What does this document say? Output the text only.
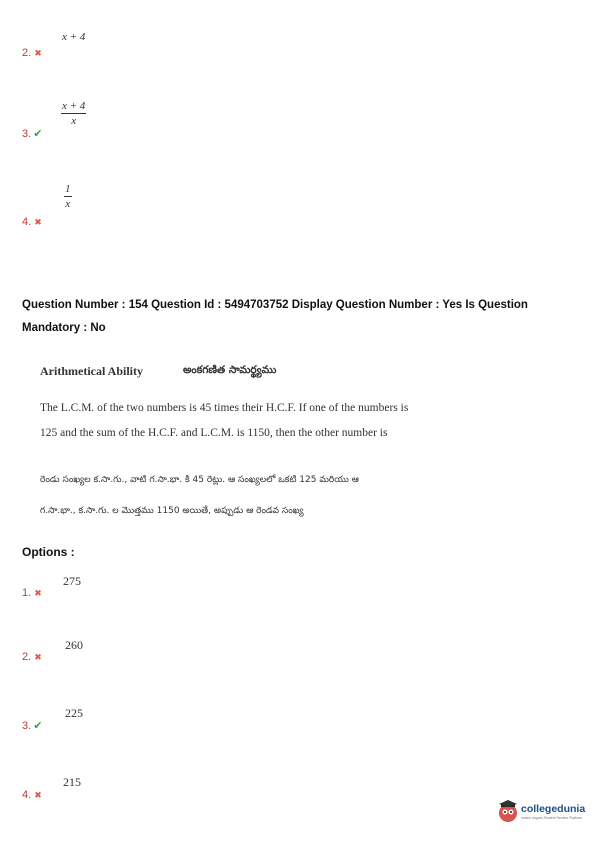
x + 4
2. ✖
$\frac{x + 4}{x}$
3. ✔
$\frac{1}{x}$
4. ✖
Question Number : 154 Question Id : 5494703752 Display Question Number : Yes Is Question
Mandatory : No
Arithmetical Ability	అంకగణిత సామర్థ్యము
The L.C.M. of the two numbers is 45 times their H.C.F. If one of the numbers is
125 and the sum of the H.C.F. and L.C.M. is 1150, then the other number is
రెండు సంఖ్యల క.సా.గు., వాటి గ.సా.భా. కి 45 రెట్లు. ఆ సంఖ్యలలో ఒకటి 125 మరియు ఆ
గ.సా.భా., క.సా.గు. ల మొత్తము 1150 అయితే, అప్పుడు ఆ రెండవ సంఖ్య
Options :
275
1. ✖
260
2. ✖
225
3. ✔
215
4. ✖
collegedunia
India's largest Student Review Platform
